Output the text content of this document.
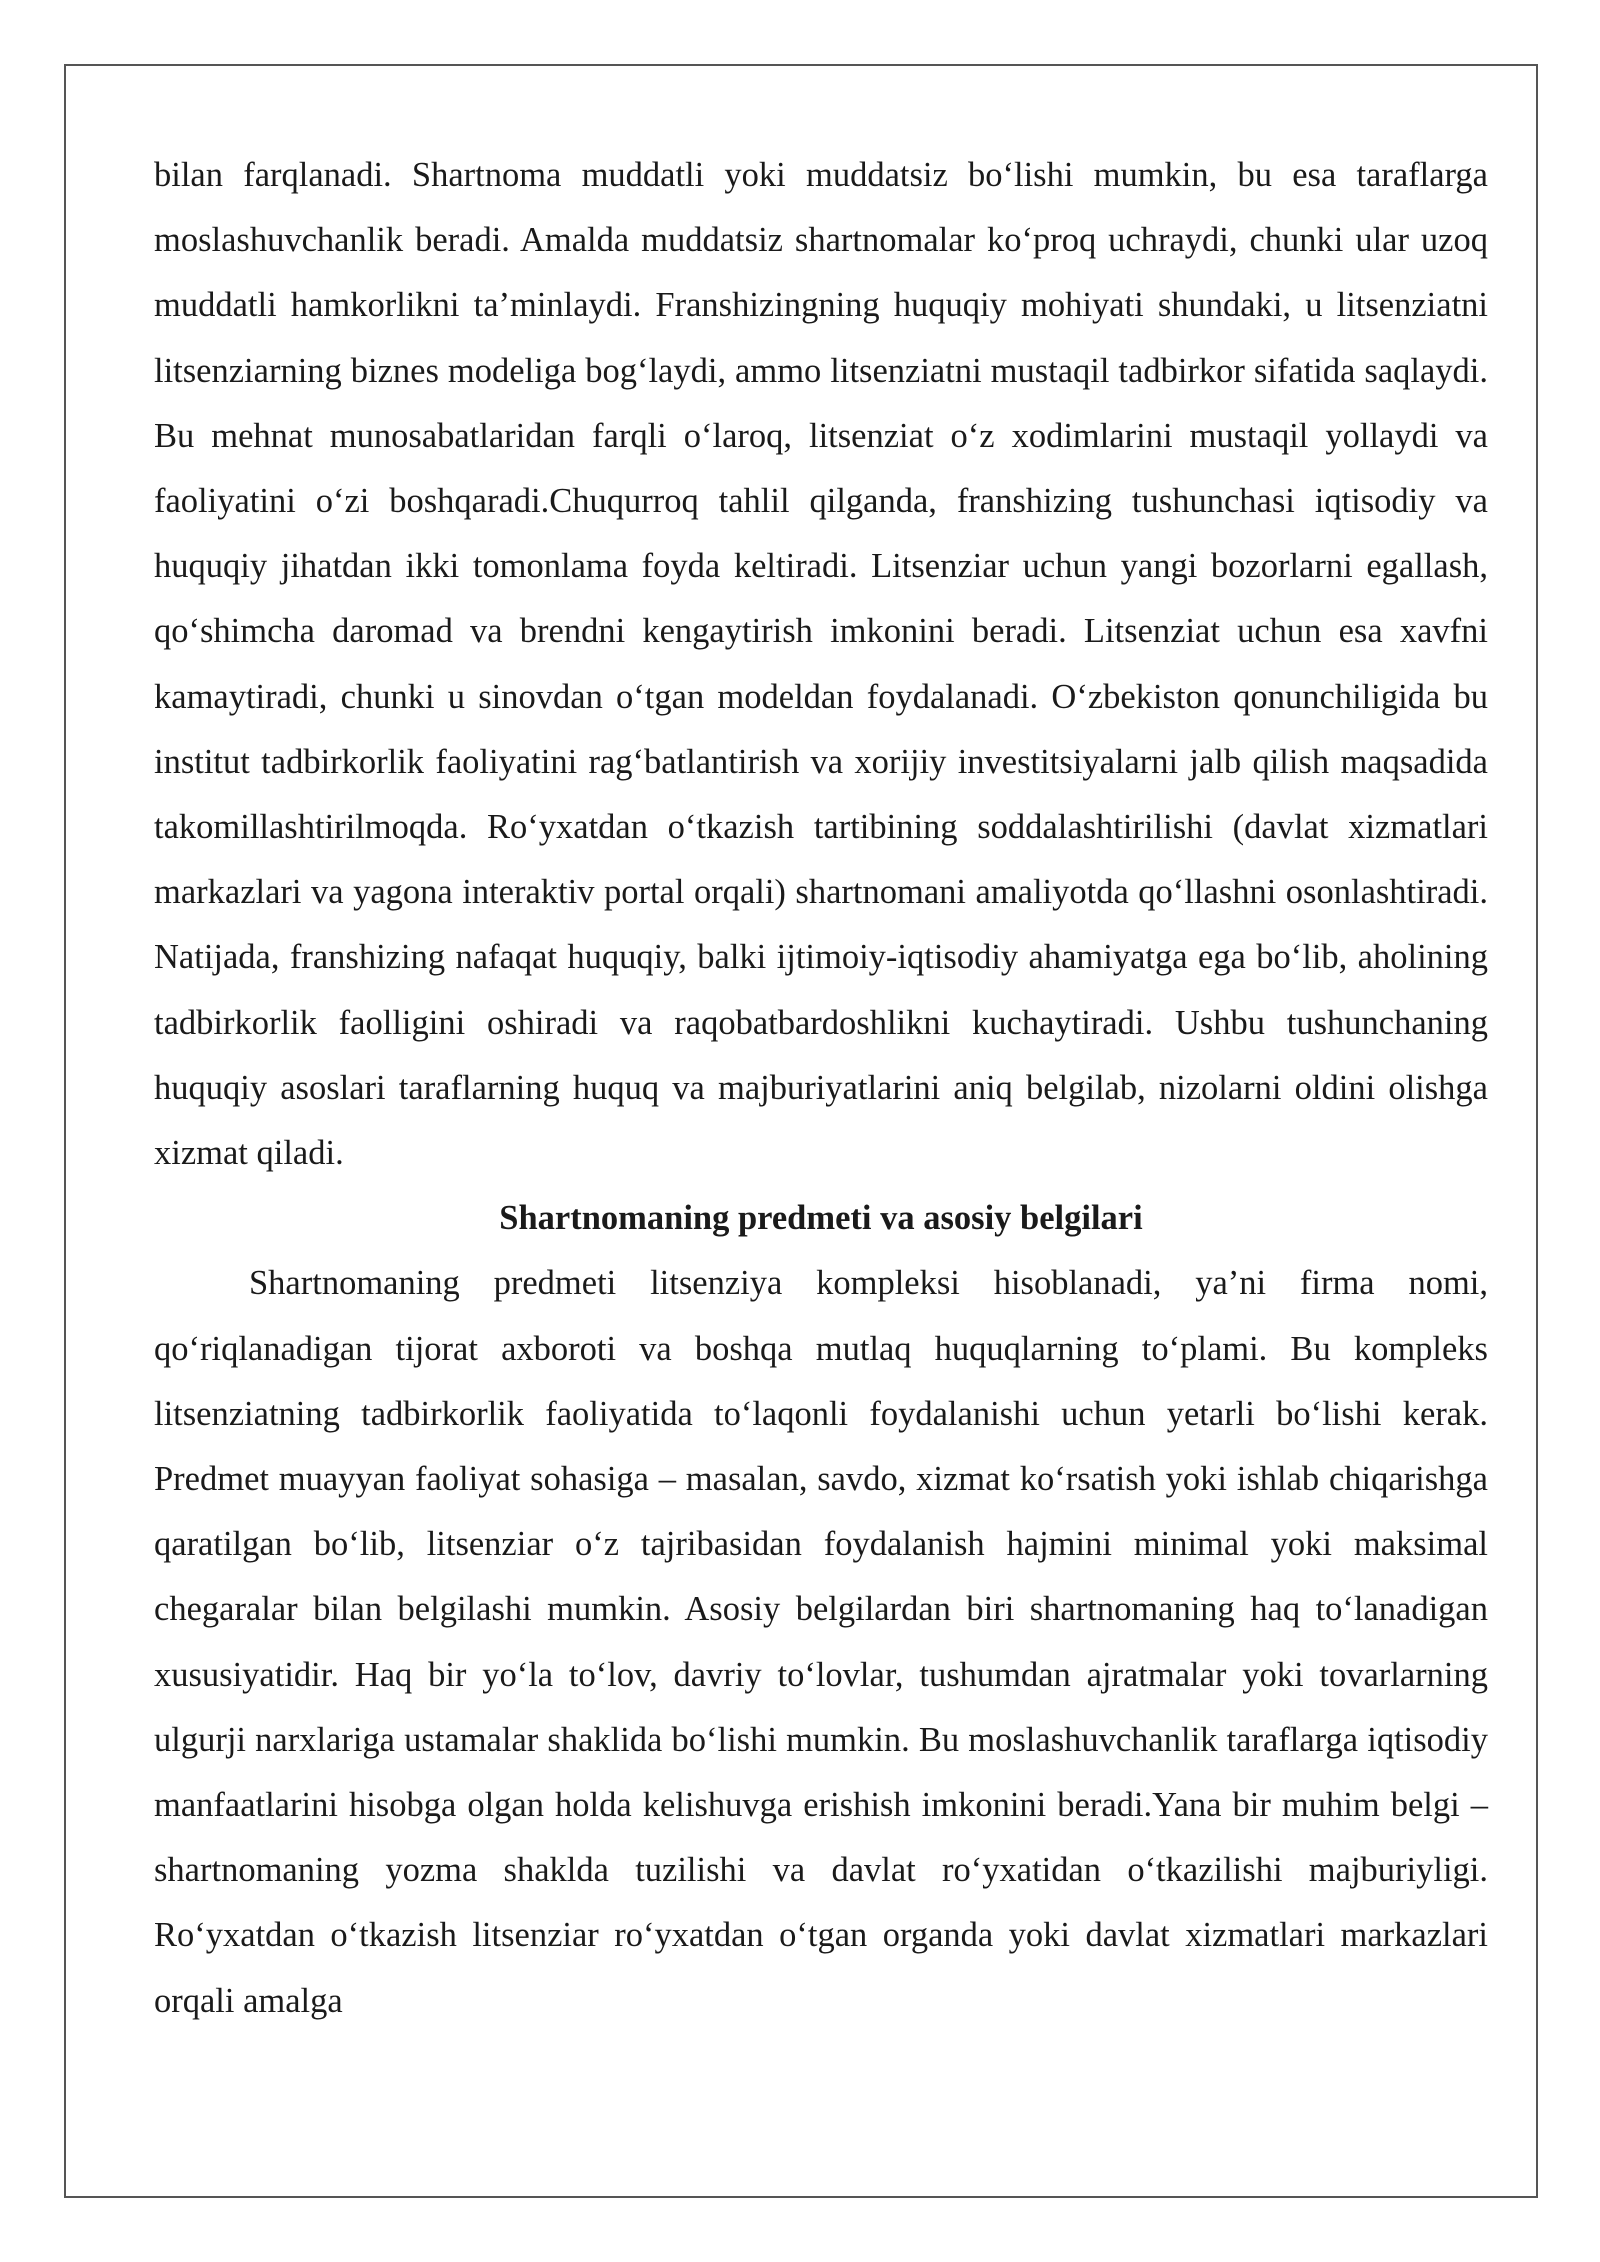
bilan farqlanadi. Shartnoma muddatli yoki muddatsiz bo‘lishi mumkin, bu esa taraflarga moslashuvchanlik beradi. Amalda muddatsiz shartnomalar ko‘proq uchraydi, chunki ular uzoq muddatli hamkorlikni ta’minlaydi. Franshizingning huquqiy mohiyati shundaki, u litsenziatni litsenziarning biznes modeliga bog‘laydi, ammo litsenziatni mustaqil tadbirkor sifatida saqlaydi. Bu mehnat munosabatlaridan farqli o‘laroq, litsenziat o‘z xodimlarini mustaqil yollaydi va faoliyatini o‘zi boshqaradi.Chuqurroq tahlil qilganda, franshizing tushunchasi iqtisodiy va huquqiy jihatdan ikki tomonlama foyda keltiradi. Litsenziar uchun yangi bozorlarni egallash, qo‘shimcha daromad va brendni kengaytirish imkonini beradi. Litsenziat uchun esa xavfni kamaytiradi, chunki u sinovdan o‘tgan modeldan foydalanadi. O‘zbekiston qonunchiligida bu institut tadbirkorlik faoliyatini rag‘batlantirish va xorijiy investitsiyalarni jalb qilish maqsadida takomillashtirilmoqda. Ro‘yxatdan o‘tkazish tartibining soddalashtirilishi (davlat xizmatlari markazlari va yagona interaktiv portal orqali) shartnomani amaliyotda qo‘llashni osonlashtiradi. Natijada, franshizing nafaqat huquqiy, balki ijtimoiy-iqtisodiy ahamiyatga ega bo‘lib, aholining tadbirkorlik faolligini oshiradi va raqobatbardoshlikni kuchaytiradi. Ushbu tushunchaning huquqiy asoslari taraflarning huquq va majburiyatlarini aniq belgilab, nizolarni oldini olishga xizmat qiladi.

Shartnomaning predmeti va asosiy belgilari

Shartnomaning predmeti litsenziya kompleksi hisoblanadi, ya’ni firma nomi, qo‘riqlanadigan tijorat axboroti va boshqa mutlaq huquqlarning to‘plami. Bu kompleks litsenziatning tadbirkorlik faoliyatida to‘laqonli foydalanishi uchun yetarli bo‘lishi kerak. Predmet muayyan faoliyat sohasiga – masalan, savdo, xizmat ko‘rsatish yoki ishlab chiqarishga qaratilgan bo‘lib, litsenziar o‘z tajribasidan foydalanish hajmini minimal yoki maksimal chegaralar bilan belgilashi mumkin. Asosiy belgilardan biri shartnomaning haq to‘lanadigan xususiyatidir. Haq bir yo‘la to‘lov, davriy to‘lovlar, tushumdan ajratmalar yoki tovarlarning ulgurji narxlariga ustamalar shaklida bo‘lishi mumkin. Bu moslashuvchanlik taraflarga iqtisodiy manfaatlarini hisobga olgan holda kelishuvga erishish imkonini beradi.Yana bir muhim belgi – shartnomaning yozma shaklda tuzilishi va davlat ro‘yxatidan o‘tkazilishi majburiyligi. Ro‘yxatdan o‘tkazish litsenziar ro‘yxatdan o‘tgan organda yoki davlat xizmatlari markazlari orqali amalga
